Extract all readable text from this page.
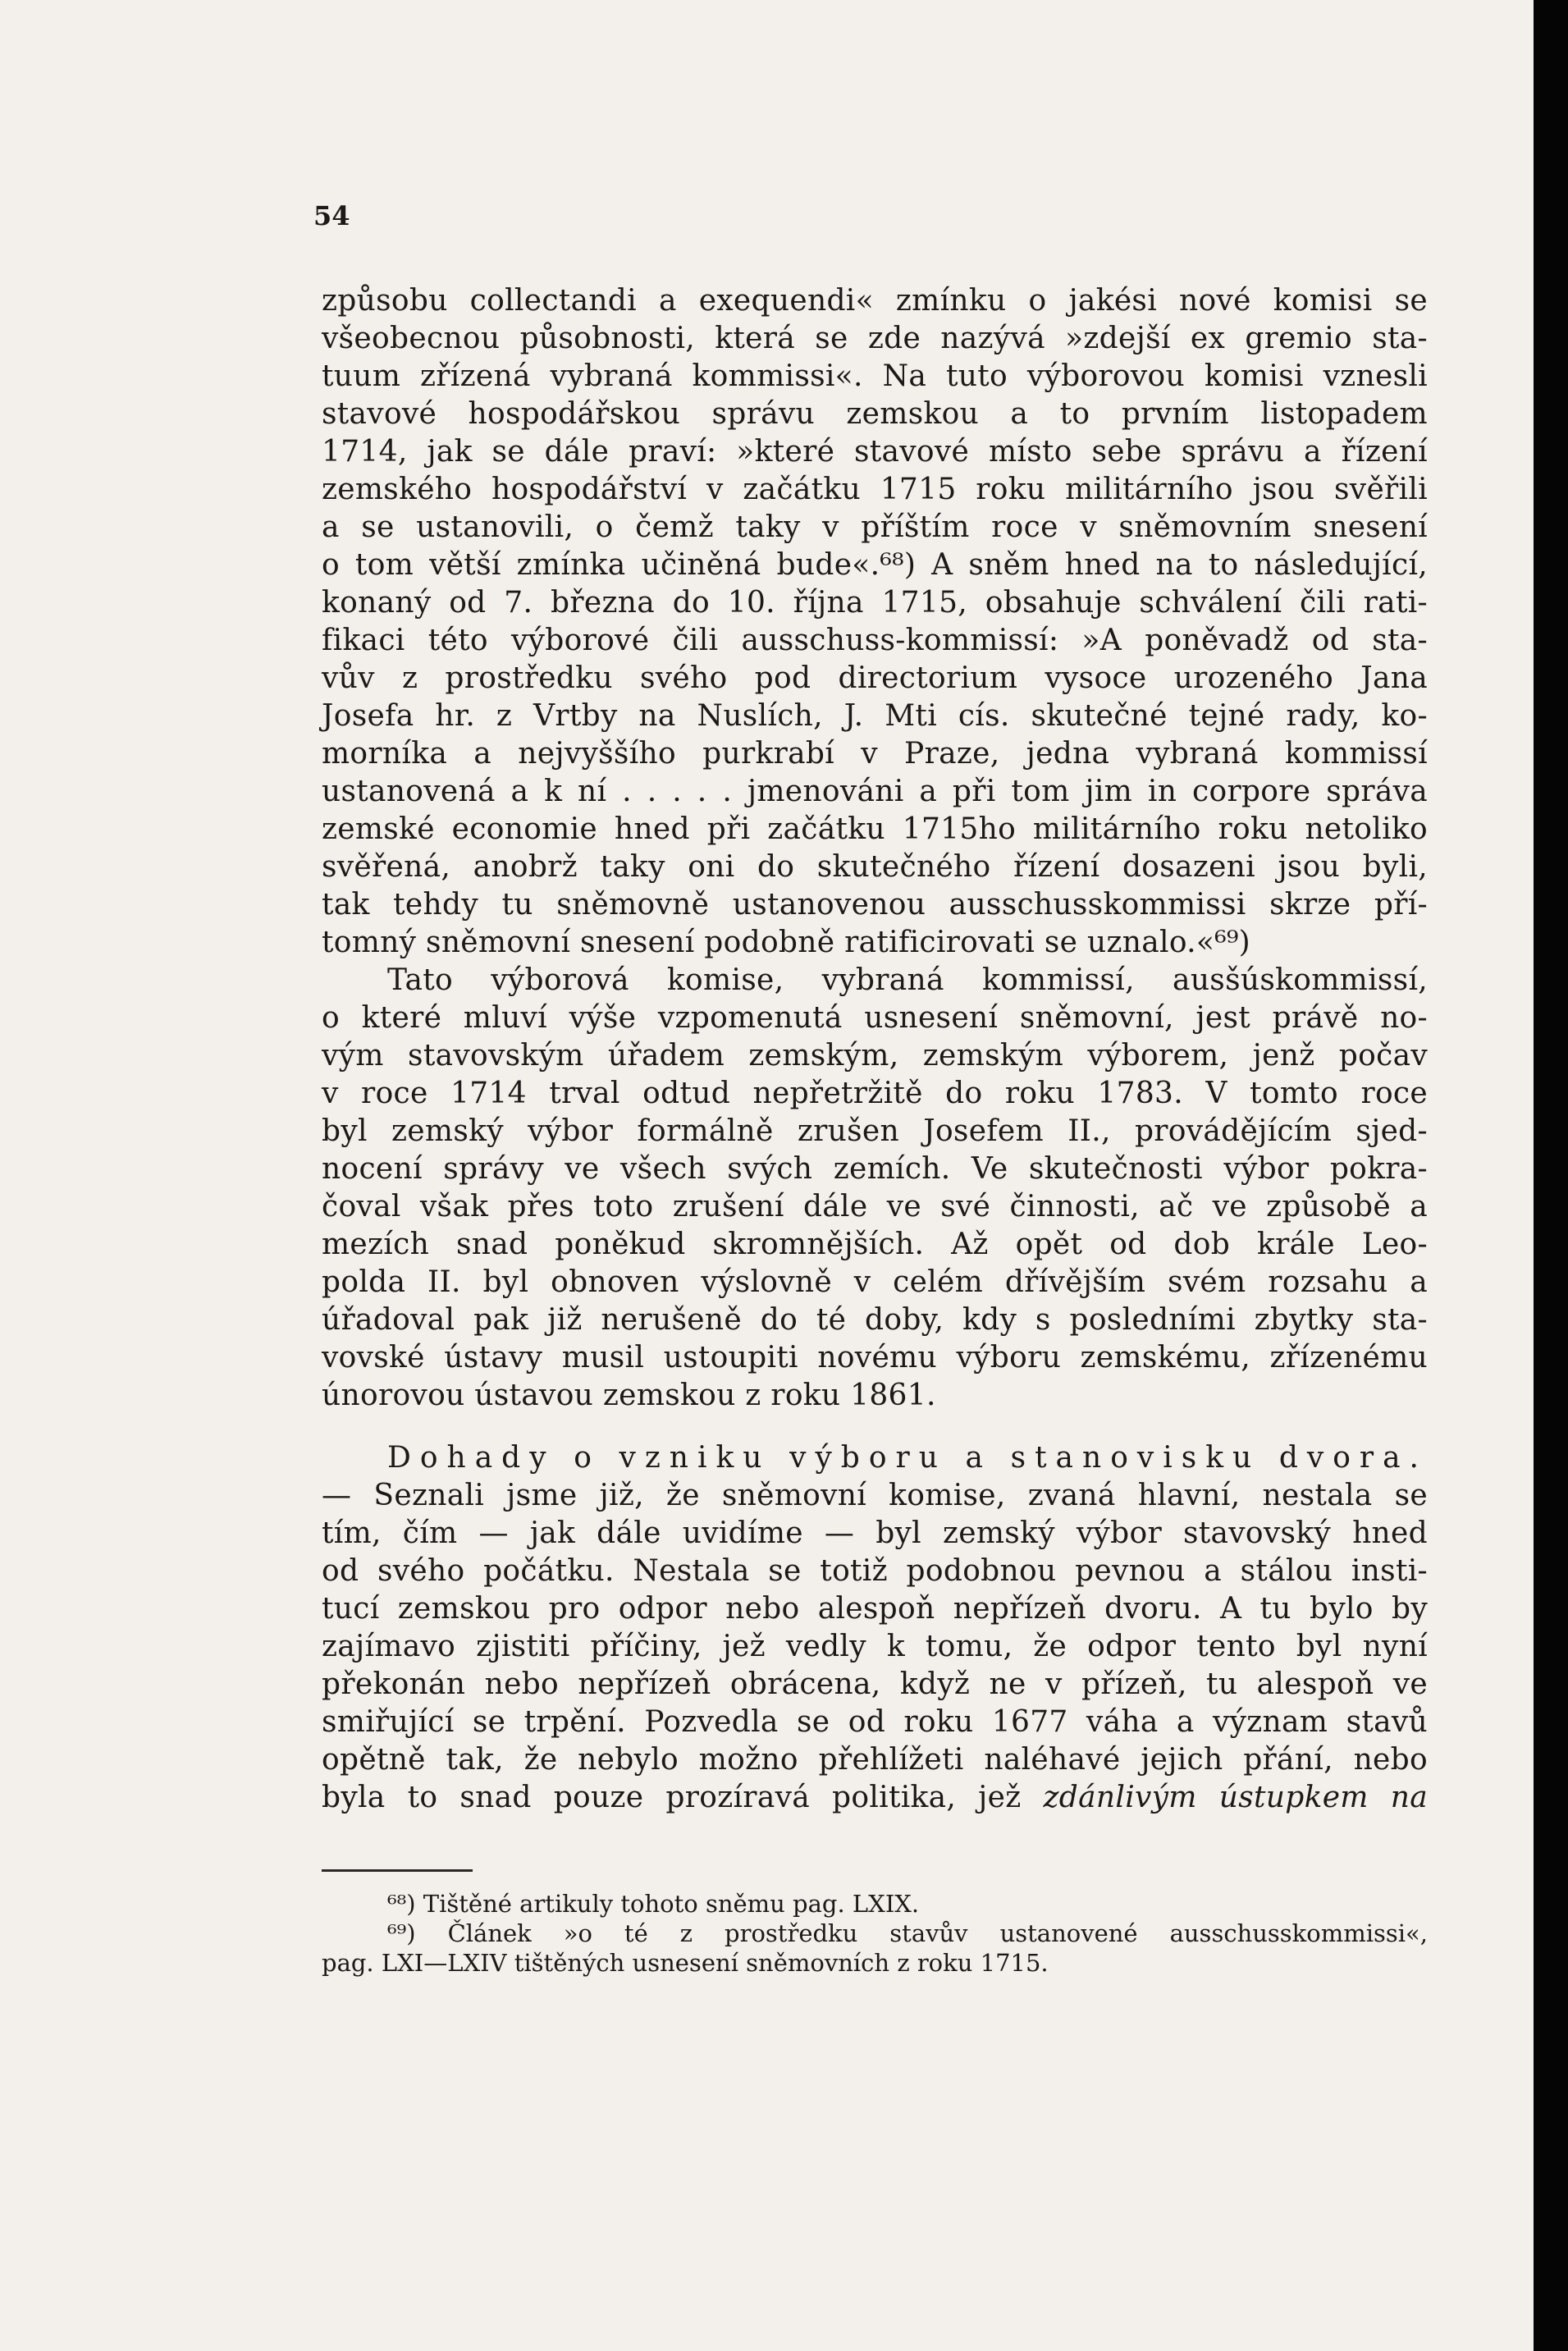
54
způsobu collectandi a exequendi« zmínku o jakési nové komisi se
všeobecnou působnosti, která se zde nazývá »zdejší ex gremio sta-
tuum zřízená vybraná kommissi«. Na tuto výborovou komisi vznesli
stavové hospodářskou správu zemskou a to prvním listopadem
1714, jak se dále praví: »které stavové místo sebe správu a řízení
zemského hospodářství v začátku 1715 roku militárního jsou svěřili
a se ustanovili, o čemž taky v příštím roce v sněmovním snesení
o tom větší zmínka učiněná bude«.⁶⁸) A sněm hned na to následující,
konaný od 7. března do 10. října 1715, obsahuje schválení čili rati-
fikaci této výborové čili ausschuss-kommissí: »A poněvadž od sta-
vův z prostředku svého pod directorium vysoce urozeného Jana
Josefa hr. z Vrtby na Nuslích, J. Mti cís. skutečné tejné rady, ko-
morníka a nejvyššího purkrabí v Praze, jedna vybraná kommissí
ustanovená a k ní . . . . . jmenováni a při tom jim in corpore správa
zemské economie hned při začátku 1715ho militárního roku netoliko
svěřená, anobrž taky oni do skutečného řízení dosazeni jsou byli,
tak tehdy tu sněmovně ustanovenou ausschusskommissi skrze pří-
tomný sněmovní snesení podobně ratificirovati se uznalo.«⁶⁹)
Tato výborová komise, vybraná kommissí, ausšúskommissí,
o které mluví výše vzpomenutá usnesení sněmovní, jest právě no-
vým stavovským úřadem zemským, zemským výborem, jenž počav
v roce 1714 trval odtud nepřetržitě do roku 1783. V tomto roce
byl zemský výbor formálně zrušen Josefem II., provádějícím sjed-
nocení správy ve všech svých zemích. Ve skutečnosti výbor pokra-
čoval však přes toto zrušení dále ve své činnosti, ač ve způsobě a
mezích snad poněkud skromnějších. Až opět od dob krále Leo-
polda II. byl obnoven výslovně v celém dřívějším svém rozsahu a
úřadoval pak již nerušeně do té doby, kdy s posledními zbytky sta-
vovské ústavy musil ustoupiti novému výboru zemskému, zřízenému
únorovou ústavou zemskou z roku 1861.
Dohady o vzniku výboru a stanovisku dvora.
— Seznali jsme již, že sněmovní komise, zvaná hlavní, nestala se
tím, čím — jak dále uvidíme — byl zemský výbor stavovský hned
od svého počátku. Nestala se totiž podobnou pevnou a stálou insti-
tucí zemskou pro odpor nebo alespoň nepřízeň dvoru. A tu bylo by
zajímavo zjistiti příčiny, jež vedly k tomu, že odpor tento byl nyní
překonán nebo nepřízeň obrácena, když ne v přízeň, tu alespoň ve
smiřující se trpění. Pozvedla se od roku 1677 váha a význam stavů
opětně tak, že nebylo možno přehlížeti naléhavé jejich přání, nebo
byla to snad pouze prozíravá politika, jež zdánlivým ústupkem na
⁶⁸) Tištěné artikuly tohoto sněmu pag. LXIX.
⁶⁹) Článek »o té z prostředku stavův ustanovené ausschusskommissi«,
pag. LXI—LXIV tištěných usnesení sněmovních z roku 1715.
